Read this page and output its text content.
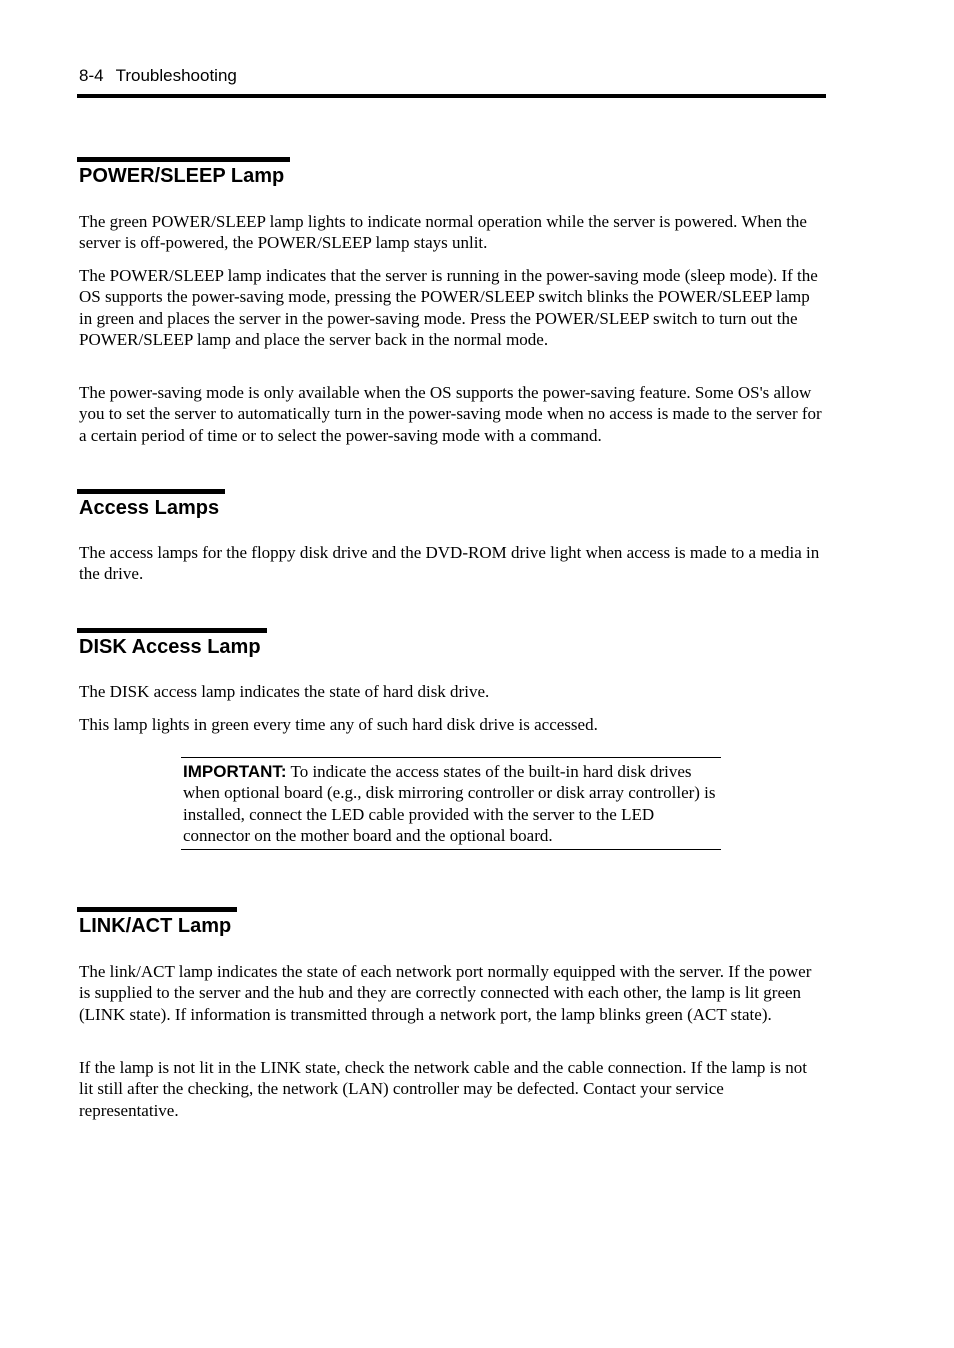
8-4 Troubleshooting
POWER/SLEEP Lamp

The green POWER/SLEEP lamp lights to indicate normal operation while the server is powered. When the server is off-powered, the POWER/SLEEP lamp stays unlit.

The POWER/SLEEP lamp indicates that the server is running in the power-saving mode (sleep mode). If the OS supports the power-saving mode, pressing the POWER/SLEEP switch blinks the POWER/SLEEP lamp in green and places the server in the power-saving mode. Press the POWER/SLEEP switch to turn out the POWER/SLEEP lamp and place the server back in the normal mode.

The power-saving mode is only available when the OS supports the power-saving feature. Some OS's allow you to set the server to automatically turn in the power-saving mode when no access is made to the server for a certain period of time or to select the power-saving mode with a command.

Access Lamps

The access lamps for the floppy disk drive and the DVD-ROM drive light when access is made to a media in the drive.

DISK Access Lamp

The DISK access lamp indicates the state of hard disk drive.

This lamp lights in green every time any of such hard disk drive is accessed.

IMPORTANT: To indicate the access states of the built-in hard disk drives when optional board (e.g., disk mirroring controller or disk array controller) is installed, connect the LED cable provided with the server to the LED connector on the mother board and the optional board.
LINK/ACT Lamp

The link/ACT lamp indicates the state of each network port normally equipped with the server. If the power is supplied to the server and the hub and they are correctly connected with each other, the lamp is lit green (LINK state). If information is transmitted through a network port, the lamp blinks green (ACT state).

If the lamp is not lit in the LINK state, check the network cable and the cable connection. If the lamp is not lit still after the checking, the network (LAN) controller may be defected. Contact your service representative.
